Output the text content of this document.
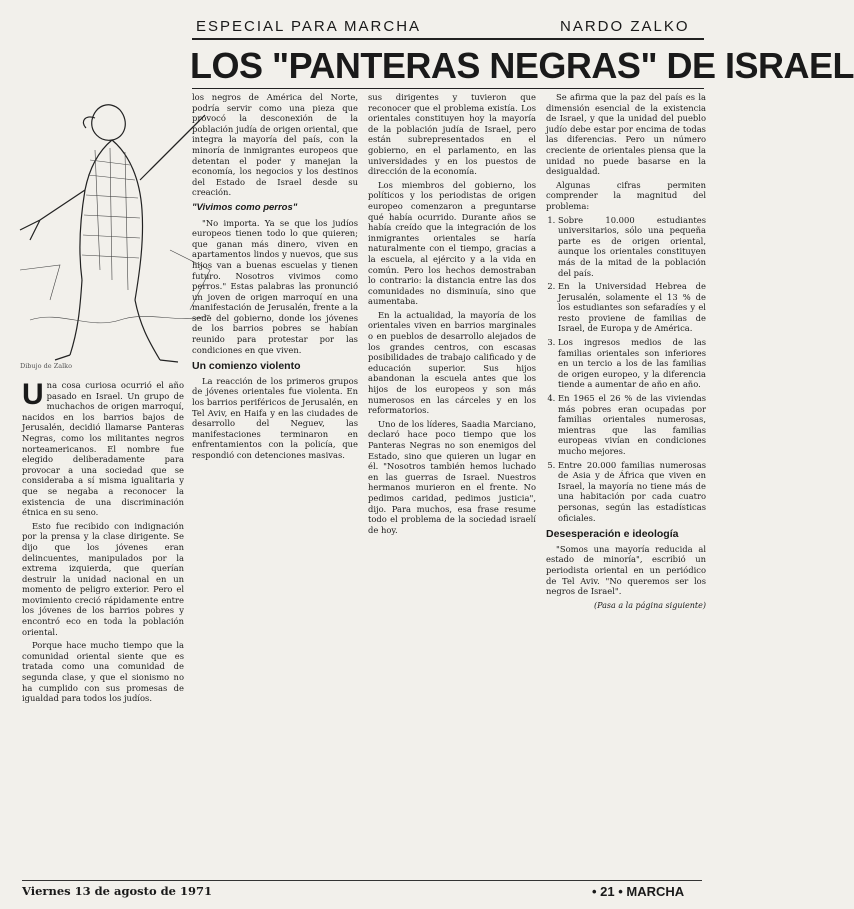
ESPECIAL PARA MARCHA	NARDO ZALKO
LOS "PANTERAS NEGRAS" DE ISRAEL
Dibujo de Zalko

los negros de América del Norte, podría servir como una pieza que provocó la desconexión de la población judía de origen oriental, que integra la mayoría del país, con la minoría de inmigrantes europeos que detentan el poder y manejan la economía, los negocios y los destinos del Estado de Israel desde su creación.

"Vivimos como perros"

"No importa. Ya se que los judíos europeos tienen todo lo que quieren; que ganan más dinero, viven en apartamentos lindos y nuevos, que sus hijos van a buenas escuelas y tienen futuro. Nosotros vivimos como perros." Estas palabras las pronunció un joven de origen marroquí en una manifestación de Jerusalén, frente a la sede del gobierno, donde los jóvenes de los barrios pobres se habían reunido para protestar por las condiciones en que viven.

Un comienzo violento

La reacción de los primeros grupos de jóvenes orientales fue violenta. En los barrios periféricos de Jerusalén, en Tel Aviv, en Haifa y en las ciudades de desarrollo del Neguev, las manifestaciones terminaron en enfrentamientos con la policía, que respondió con detenciones masivas.

Una cosa curiosa ocurrió el año pasado en Israel. Un grupo de muchachos de origen marroquí, nacidos en los barrios bajos de Jerusalén, decidió llamarse Panteras Negras, como los militantes negros norteamericanos. El nombre fue elegido deliberadamente para provocar a una sociedad que se consideraba a sí misma igualitaria y que se negaba a reconocer la existencia de una discriminación étnica en su seno.

Esto fue recibido con indignación por la prensa y la clase dirigente. Se dijo que los jóvenes eran delincuentes, manipulados por la extrema izquierda, que querían destruir la unidad nacional en un momento de peligro exterior. Pero el movimiento creció rápidamente entre los jóvenes de los barrios pobres y encontró eco en toda la población oriental.

Porque hace mucho tiempo que la comunidad oriental siente que es tratada como una comunidad de segunda clase, y que el sionismo no ha cumplido con sus promesas de igualdad para todos los judíos.

sus dirigentes y tuvieron que reconocer que el problema existía. Los orientales constituyen hoy la mayoría de la población judía de Israel, pero están subrepresentados en el gobierno, en el parlamento, en las universidades y en los puestos de dirección de la economía.

Los miembros del gobierno, los políticos y los periodistas de origen europeo comenzaron a preguntarse qué había ocurrido. Durante años se había creído que la integración de los inmigrantes orientales se haría naturalmente con el tiempo, gracias a la escuela, al ejército y a la vida en común. Pero los hechos demostraban lo contrario: la distancia entre las dos comunidades no disminuía, sino que aumentaba.

En la actualidad, la mayoría de los orientales viven en barrios marginales o en pueblos de desarrollo alejados de los grandes centros, con escasas posibilidades de trabajo calificado y de educación superior. Sus hijos abandonan la escuela antes que los hijos de los europeos y son más numerosos en las cárceles y en los reformatorios.

Uno de los líderes, Saadia Marciano, declaró hace poco tiempo que los Panteras Negras no son enemigos del Estado, sino que quieren un lugar en él. "Nosotros también hemos luchado en las guerras de Israel. Nuestros hermanos murieron en el frente. No pedimos caridad, pedimos justicia", dijo. Para muchos, esa frase resume todo el problema de la sociedad israelí de hoy.

Se afirma que la paz del país es la dimensión esencial de la existencia de Israel, y que la unidad del pueblo judío debe estar por encima de todas las diferencias. Pero un número creciente de orientales piensa que la unidad no puede basarse en la desigualdad.

Algunas cifras permiten comprender la magnitud del problema:

1. Sobre 10.000 estudiantes universitarios, sólo una pequeña parte es de origen oriental, aunque los orientales constituyen más de la mitad de la población del país.
2. En la Universidad Hebrea de Jerusalén, solamente el 13 % de los estudiantes son sefaradíes y el resto proviene de familias de Israel, de Europa y de América.
3. Los ingresos medios de las familias orientales son inferiores en un tercio a los de las familias de origen europeo, y la diferencia tiende a aumentar de año en año.
4. En 1965 el 26 % de las viviendas más pobres eran ocupadas por familias orientales numerosas, mientras que las familias europeas vivían en condiciones mucho mejores.
5. Entre 20.000 familias numerosas de Asia y de África que viven en Israel, la mayoría no tiene más de una habitación por cada cuatro personas, según las estadísticas oficiales.
Desesperación e ideología

"Somos una mayoría reducida al estado de minoría", escribió un periodista oriental en un periódico de Tel Aviv. "No queremos ser los negros de Israel".

(Pasa a la página siguiente)
Viernes 13 de agosto de 1971	• 21 • MARCHA
